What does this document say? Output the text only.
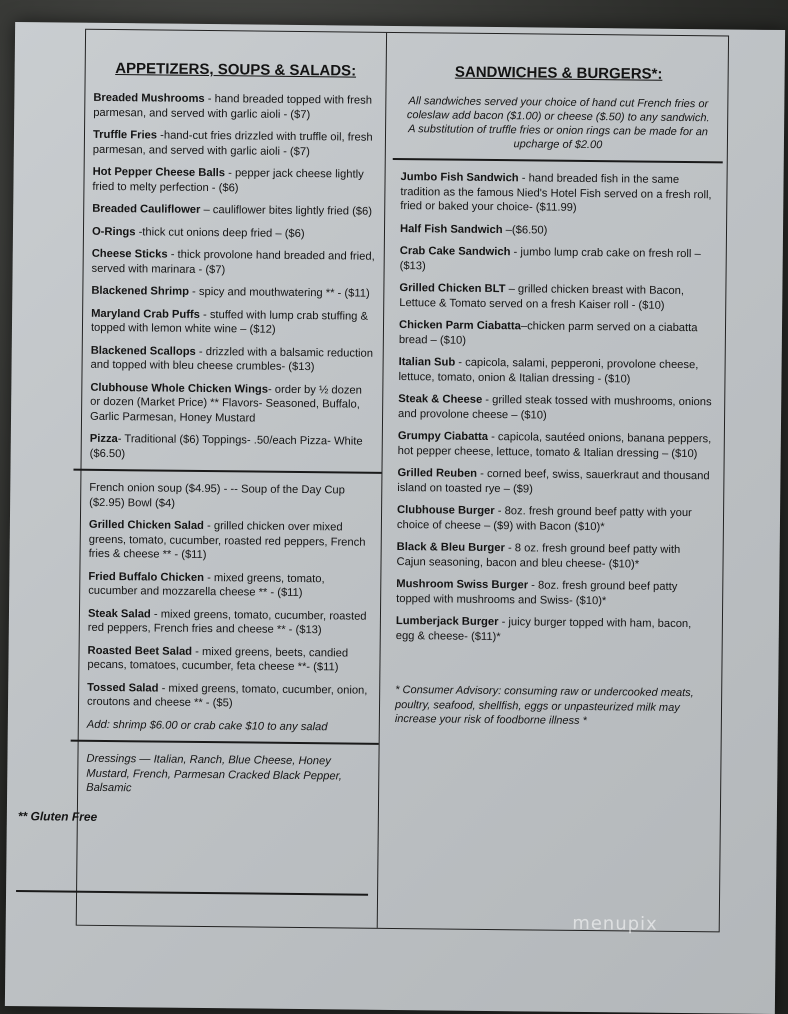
APPETIZERS, SOUPS & SALADS:
Breaded Mushrooms - hand breaded topped with fresh parmesan, and served with garlic aioli - ($7)
Truffle Fries -hand-cut fries drizzled with truffle oil, fresh parmesan, and served with garlic aioli - ($7)
Hot Pepper Cheese Balls - pepper jack cheese lightly fried to melty perfection - ($6)
Breaded Cauliflower – cauliflower bites lightly fried ($6)
O-Rings -thick cut onions deep fried – ($6)
Cheese Sticks - thick provolone hand breaded and fried, served with marinara - ($7)
Blackened Shrimp - spicy and mouthwatering ** - ($11)
Maryland Crab Puffs - stuffed with lump crab stuffing & topped with lemon white wine – ($12)
Blackened Scallops - drizzled with a balsamic reduction and topped with bleu cheese crumbles- ($13)
Clubhouse Whole Chicken Wings- order by ½ dozen or dozen (Market Price) ** Flavors- Seasoned, Buffalo, Garlic Parmesan, Honey Mustard
Pizza- Traditional ($6) Toppings- .50/each Pizza- White ($6.50)
French onion soup ($4.95) - -- Soup of the Day Cup ($2.95) Bowl ($4)
Grilled Chicken Salad - grilled chicken over mixed greens, tomato, cucumber, roasted red peppers, French fries & cheese ** - ($11)
Fried Buffalo Chicken - mixed greens, tomato, cucumber and mozzarella cheese ** - ($11)
Steak Salad - mixed greens, tomato, cucumber, roasted red peppers, French fries and cheese ** - ($13)
Roasted Beet Salad - mixed greens, beets, candied pecans, tomatoes, cucumber, feta cheese **- ($11)
Tossed Salad - mixed greens, tomato, cucumber, onion, croutons and cheese ** - ($5)
Add: shrimp $6.00 or crab cake $10 to any salad
Dressings — Italian, Ranch, Blue Cheese, Honey Mustard, French, Parmesan Cracked Black Pepper, Balsamic
** Gluten Free
SANDWICHES & BURGERS*:
All sandwiches served your choice of hand cut French fries or coleslaw add bacon ($1.00) or cheese ($.50) to any sandwich. A substitution of truffle fries or onion rings can be made for an upcharge of $2.00
Jumbo Fish Sandwich - hand breaded fish in the same tradition as the famous Nied's Hotel Fish served on a fresh roll, fried or baked your choice- ($11.99)
Half Fish Sandwich –($6.50)
Crab Cake Sandwich - jumbo lump crab cake on fresh roll – ($13)
Grilled Chicken BLT – grilled chicken breast with Bacon, Lettuce & Tomato served on a fresh Kaiser roll - ($10)
Chicken Parm Ciabatta–chicken parm served on a ciabatta bread – ($10)
Italian Sub - capicola, salami, pepperoni, provolone cheese, lettuce, tomato, onion & Italian dressing - ($10)
Steak & Cheese - grilled steak tossed with mushrooms, onions and provolone cheese – ($10)
Grumpy Ciabatta - capicola, sautéed onions, banana peppers, hot pepper cheese, lettuce, tomato & Italian dressing – ($10)
Grilled Reuben - corned beef, swiss, sauerkraut and thousand island on toasted rye – ($9)
Clubhouse Burger - 8oz. fresh ground beef patty with your choice of cheese – ($9) with Bacon ($10)*
Black & Bleu Burger - 8 oz. fresh ground beef patty with Cajun seasoning, bacon and bleu cheese- ($10)*
Mushroom Swiss Burger - 8oz. fresh ground beef patty topped with mushrooms and Swiss- ($10)*
Lumberjack Burger - juicy burger topped with ham, bacon, egg & cheese- ($11)*
* Consumer Advisory: consuming raw or undercooked meats, poultry, seafood, shellfish, eggs or unpasteurized milk may increase your risk of foodborne illness *
menupix
